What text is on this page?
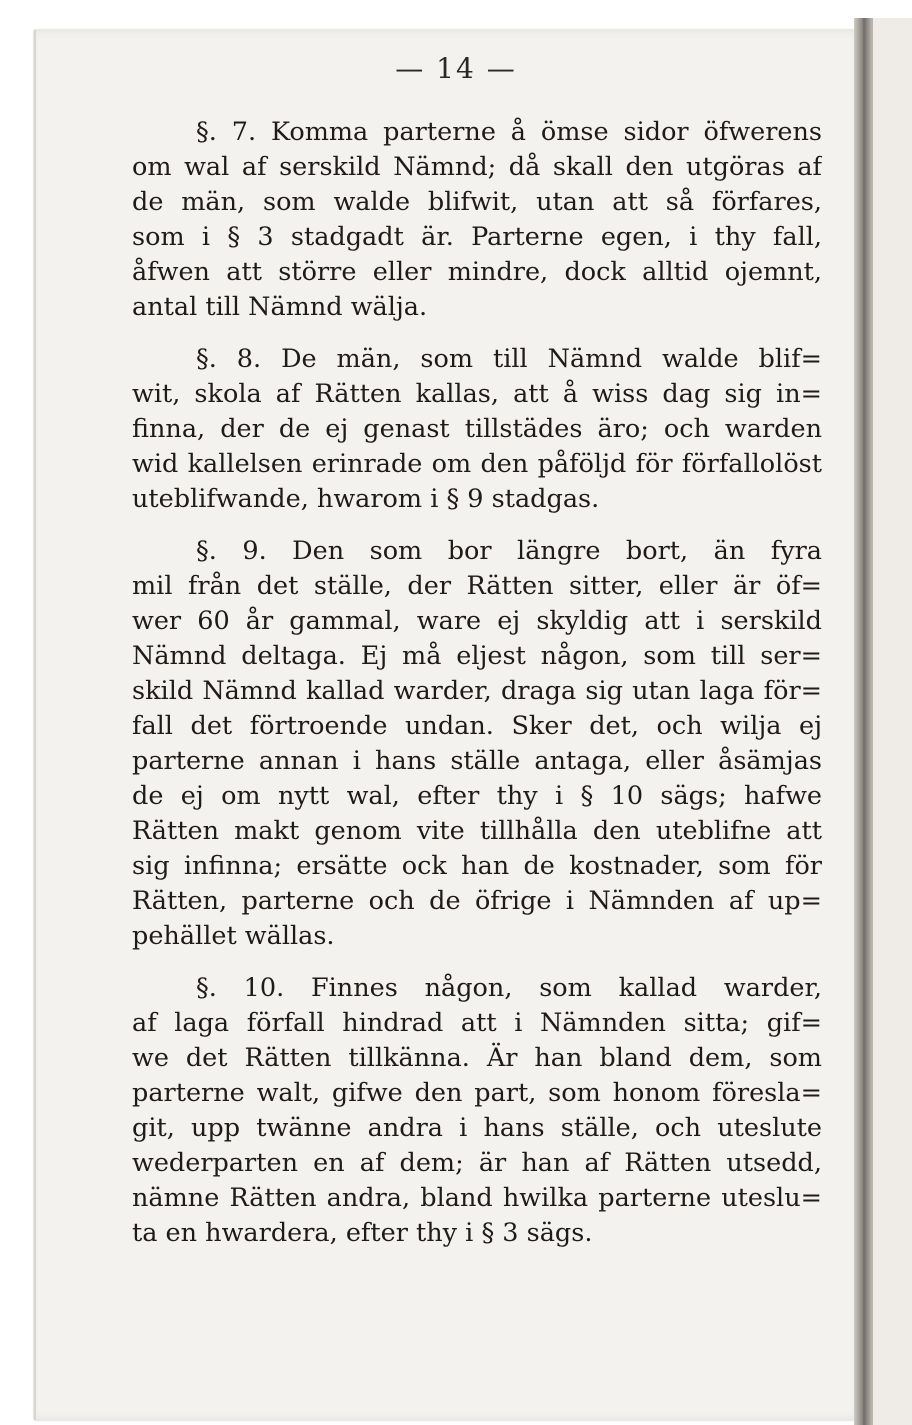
— 14 —
§. 7. Komma parterne å ömse sidor öfwerens
om wal af serskild Nämnd; då skall den utgöras af
de män, som walde blifwit, utan att så förfares,
som i § 3 stadgadt är. Parterne egen, i thy fall,
åfwen att större eller mindre, dock alltid ojemnt,
antal till Nämnd wälja.
§. 8. De män, som till Nämnd walde blif=
wit, skola af Rätten kallas, att å wiss dag sig in=
finna, der de ej genast tillstädes äro; och warden
wid kallelsen erinrade om den påföljd för förfallolöst
uteblifwande, hwarom i § 9 stadgas.
§. 9. Den som bor längre bort, än fyra
mil från det ställe, der Rätten sitter, eller är öf=
wer 60 år gammal, ware ej skyldig att i serskild
Nämnd deltaga. Ej må eljest någon, som till ser=
skild Nämnd kallad warder, draga sig utan laga för=
fall det förtroende undan. Sker det, och wilja ej
parterne annan i hans ställe antaga, eller åsämjas
de ej om nytt wal, efter thy i § 10 sägs; hafwe
Rätten makt genom vite tillhålla den uteblifne att
sig infinna; ersätte ock han de kostnader, som för
Rätten, parterne och de öfrige i Nämnden af up=
pehället wällas.
§. 10. Finnes någon, som kallad warder,
af laga förfall hindrad att i Nämnden sitta; gif=
we det Rätten tillkänna. Är han bland dem, som
parterne walt, gifwe den part, som honom föresla=
git, upp twänne andra i hans ställe, och uteslute
wederparten en af dem; är han af Rätten utsedd,
nämne Rätten andra, bland hwilka parterne uteslu=
ta en hwardera, efter thy i § 3 sägs.
